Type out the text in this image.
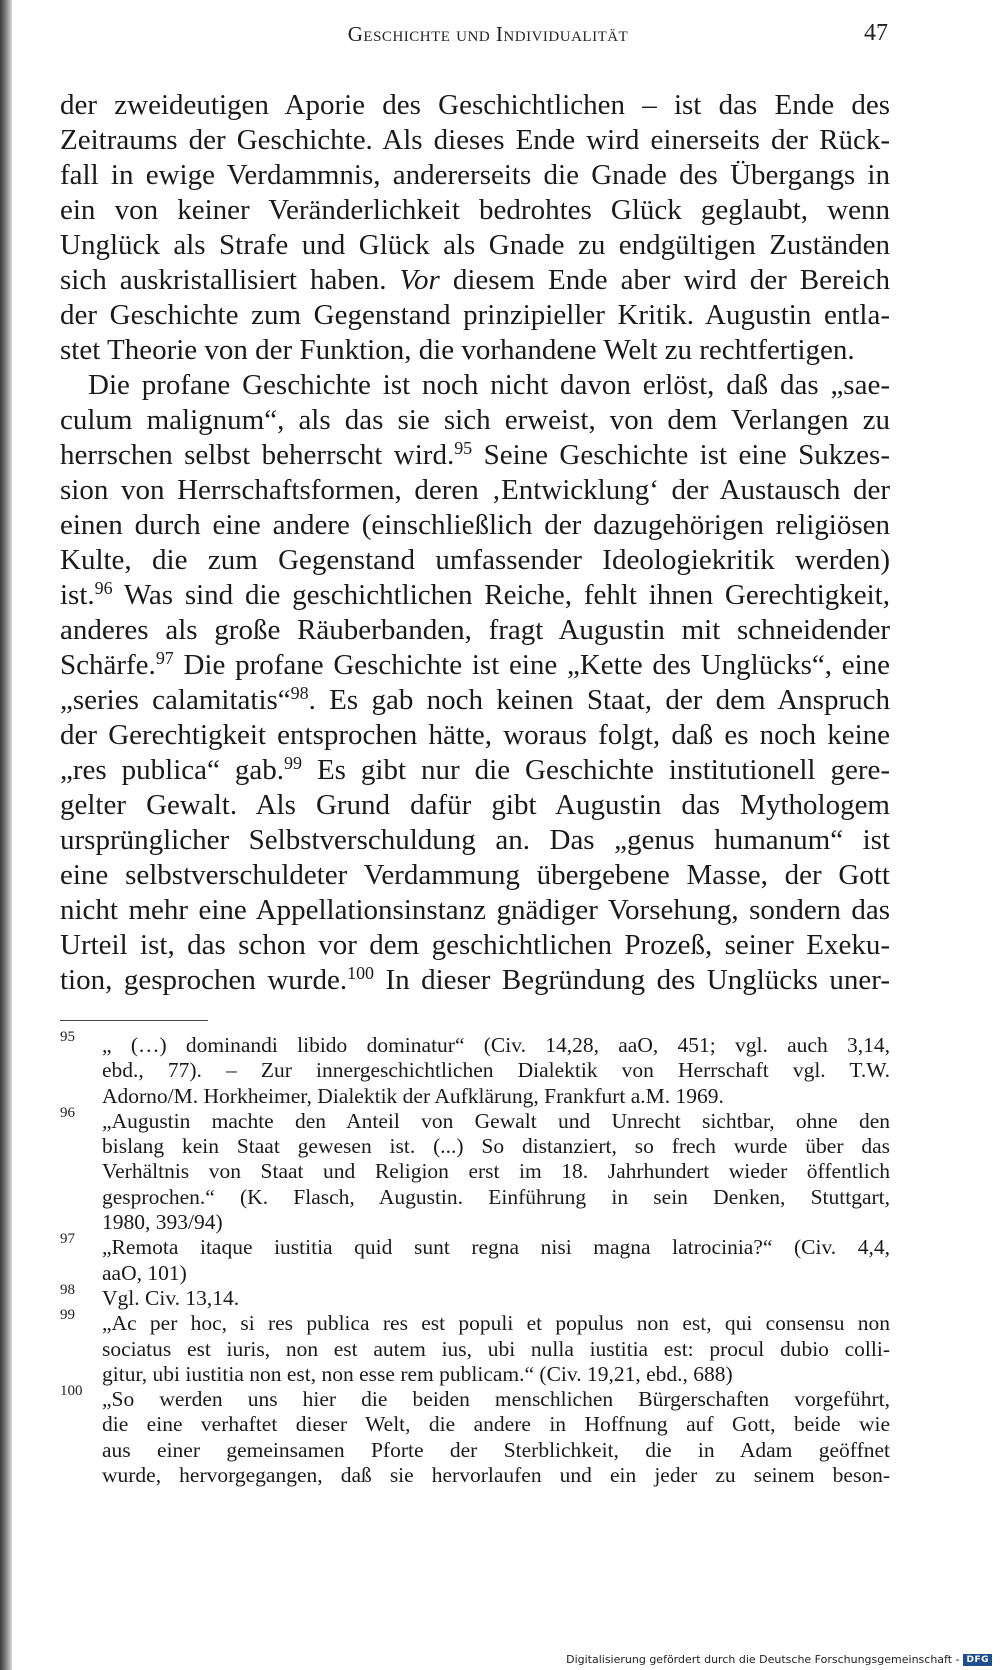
Geschichte und Individualität	47
der zweideutigen Aporie des Geschichtlichen – ist das Ende des
Zeitraums der Geschichte. Als dieses Ende wird einerseits der Rück-
fall in ewige Verdammnis, andererseits die Gnade des Übergangs in
ein von keiner Veränderlichkeit bedrohtes Glück geglaubt, wenn
Unglück als Strafe und Glück als Gnade zu endgültigen Zuständen
sich auskristallisiert haben. Vor diesem Ende aber wird der Bereich
der Geschichte zum Gegenstand prinzipieller Kritik. Augustin entla-
stet Theorie von der Funktion, die vorhandene Welt zu rechtfertigen.
Die profane Geschichte ist noch nicht davon erlöst, daß das „sae-
culum malignum“, als das sie sich erweist, von dem Verlangen zu
herrschen selbst beherrscht wird.$^{95}$ Seine Geschichte ist eine Sukzes-
sion von Herrschaftsformen, deren ‚Entwicklung‘ der Austausch der
einen durch eine andere (einschließlich der dazugehörigen religiösen
Kulte, die zum Gegenstand umfassender Ideologiekritik werden)
ist.$^{96}$ Was sind die geschichtlichen Reiche, fehlt ihnen Gerechtigkeit,
anderes als große Räuberbanden, fragt Augustin mit schneidender
Schärfe.$^{97}$ Die profane Geschichte ist eine „Kette des Unglücks“, eine
„series calamitatis“$^{98}$. Es gab noch keinen Staat, der dem Anspruch
der Gerechtigkeit entsprochen hätte, woraus folgt, daß es noch keine
„res publica“ gab.$^{99}$ Es gibt nur die Geschichte institutionell gere-
gelter Gewalt. Als Grund dafür gibt Augustin das Mythologem
ursprünglicher Selbstverschuldung an. Das „genus humanum“ ist
eine selbstverschuldeter Verdammung übergebene Masse, der Gott
nicht mehr eine Appellationsinstanz gnädiger Vorsehung, sondern das
Urteil ist, das schon vor dem geschichtlichen Prozeß, seiner Exeku-
tion, gesprochen wurde.$^{100}$ In dieser Begründung des Unglücks uner-
95 „ (…) dominandi libido dominatur“ (Civ. 14,28, aaO, 451; vgl. auch 3,14,
ebd., 77). – Zur innergeschichtlichen Dialektik von Herrschaft vgl. T.W.
Adorno/M. Horkheimer, Dialektik der Aufklärung, Frankfurt a.M. 1969.
96 „Augustin machte den Anteil von Gewalt und Unrecht sichtbar, ohne den
bislang kein Staat gewesen ist. (...) So distanziert, so frech wurde über das
Verhältnis von Staat und Religion erst im 18. Jahrhundert wieder öffentlich
gesprochen.“ (K. Flasch, Augustin. Einführung in sein Denken, Stuttgart,
1980, 393/94)
97 „Remota itaque iustitia quid sunt regna nisi magna latrocinia?“ (Civ. 4,4,
aaO, 101)
98 Vgl. Civ. 13,14.
99 „Ac per hoc, si res publica res est populi et populus non est, qui consensu non
sociatus est iuris, non est autem ius, ubi nulla iustitia est: procul dubio colli-
gitur, ubi iustitia non est, non esse rem publicam.“ (Civ. 19,21, ebd., 688)
100 „So werden uns hier die beiden menschlichen Bürgerschaften vorgeführt,
die eine verhaftet dieser Welt, die andere in Hoffnung auf Gott, beide wie
aus einer gemeinsamen Pforte der Sterblichkeit, die in Adam geöffnet
wurde, hervorgegangen, daß sie hervorlaufen und ein jeder zu seinem beson-
Digitalisierung gefördert durch die Deutsche Forschungsgemeinschaft - DFG
